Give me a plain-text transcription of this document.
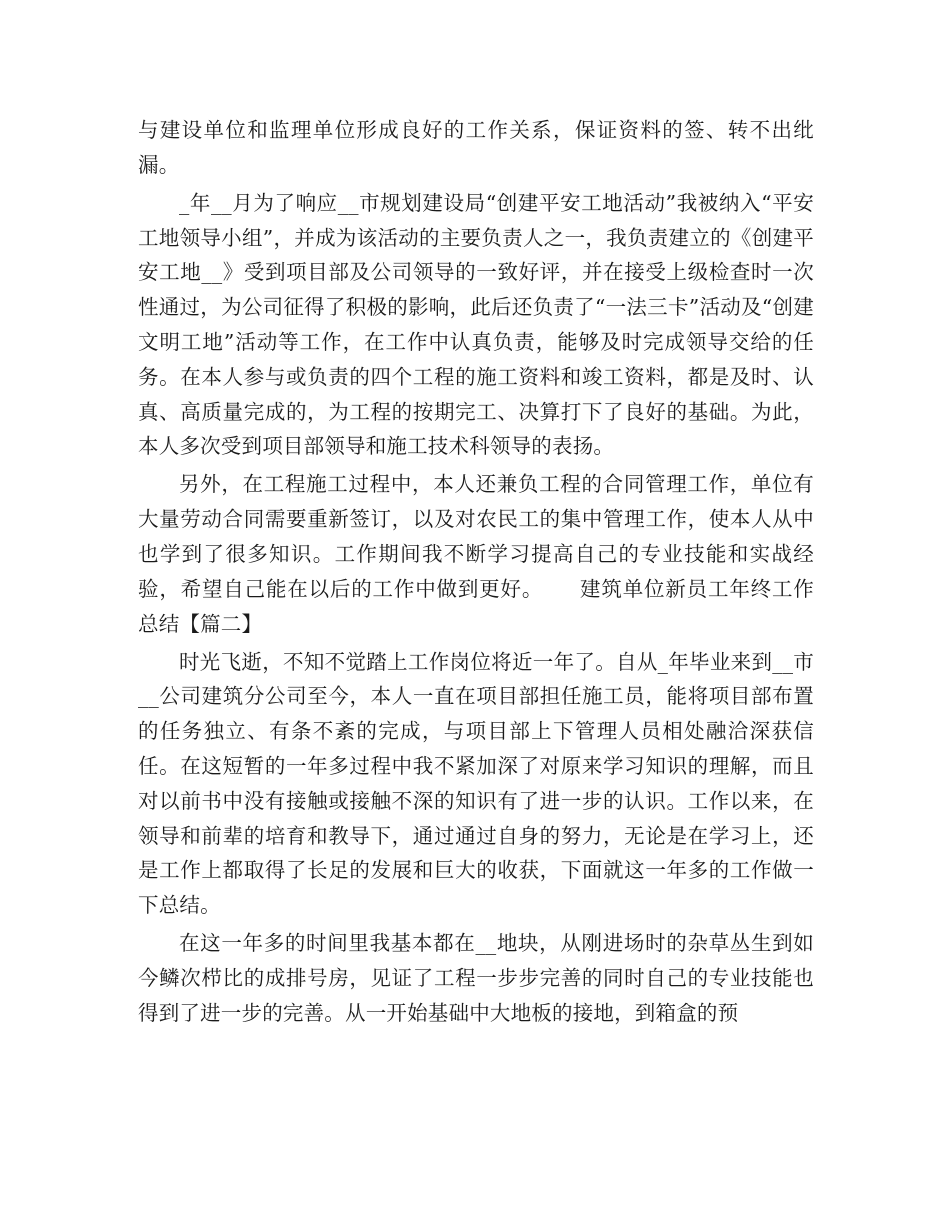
与建设单位和监理单位形成良好的工作关系，保证资料的签、转不出纰漏。

_年__月为了响应__市规划建设局“创建平安工地活动”我被纳入“平安工地领导小组”，并成为该活动的主要负责人之一，我负责建立的《创建平安工地__》受到项目部及公司领导的一致好评，并在接受上级检查时一次性通过，为公司征得了积极的影响，此后还负责了“一法三卡”活动及“创建文明工地”活动等工作，在工作中认真负责，能够及时完成领导交给的任务。在本人参与或负责的四个工程的施工资料和竣工资料，都是及时、认真、高质量完成的，为工程的按期完工、决算打下了良好的基础。为此，本人多次受到项目部领导和施工技术科领导的表扬。

另外，在工程施工过程中，本人还兼负工程的合同管理工作，单位有大量劳动合同需要重新签订，以及对农民工的集中管理工作，使本人从中也学到了很多知识。工作期间我不断学习提高自己的专业技能和实战经验，希望自己能在以后的工作中做到更好。 建筑单位新员工年终工作总结【篇二】

时光飞逝，不知不觉踏上工作岗位将近一年了。自从_年毕业来到__市__公司建筑分公司至今，本人一直在项目部担任施工员，能将项目部布置的任务独立、有条不紊的完成，与项目部上下管理人员相处融洽深获信任。在这短暂的一年多过程中我不紧加深了对原来学习知识的理解，而且对以前书中没有接触或接触不深的知识有了进一步的认识。工作以来，在领导和前辈的培育和教导下，通过通过自身的努力，无论是在学习上，还是工作上都取得了长足的发展和巨大的收获，下面就这一年多的工作做一下总结。

在这一年多的时间里我基本都在__地块，从刚进场时的杂草丛生到如今鳞次栉比的成排号房，见证了工程一步步完善的同时自己的专业技能也得到了进一步的完善。从一开始基础中大地板的接地，到箱盒的预
